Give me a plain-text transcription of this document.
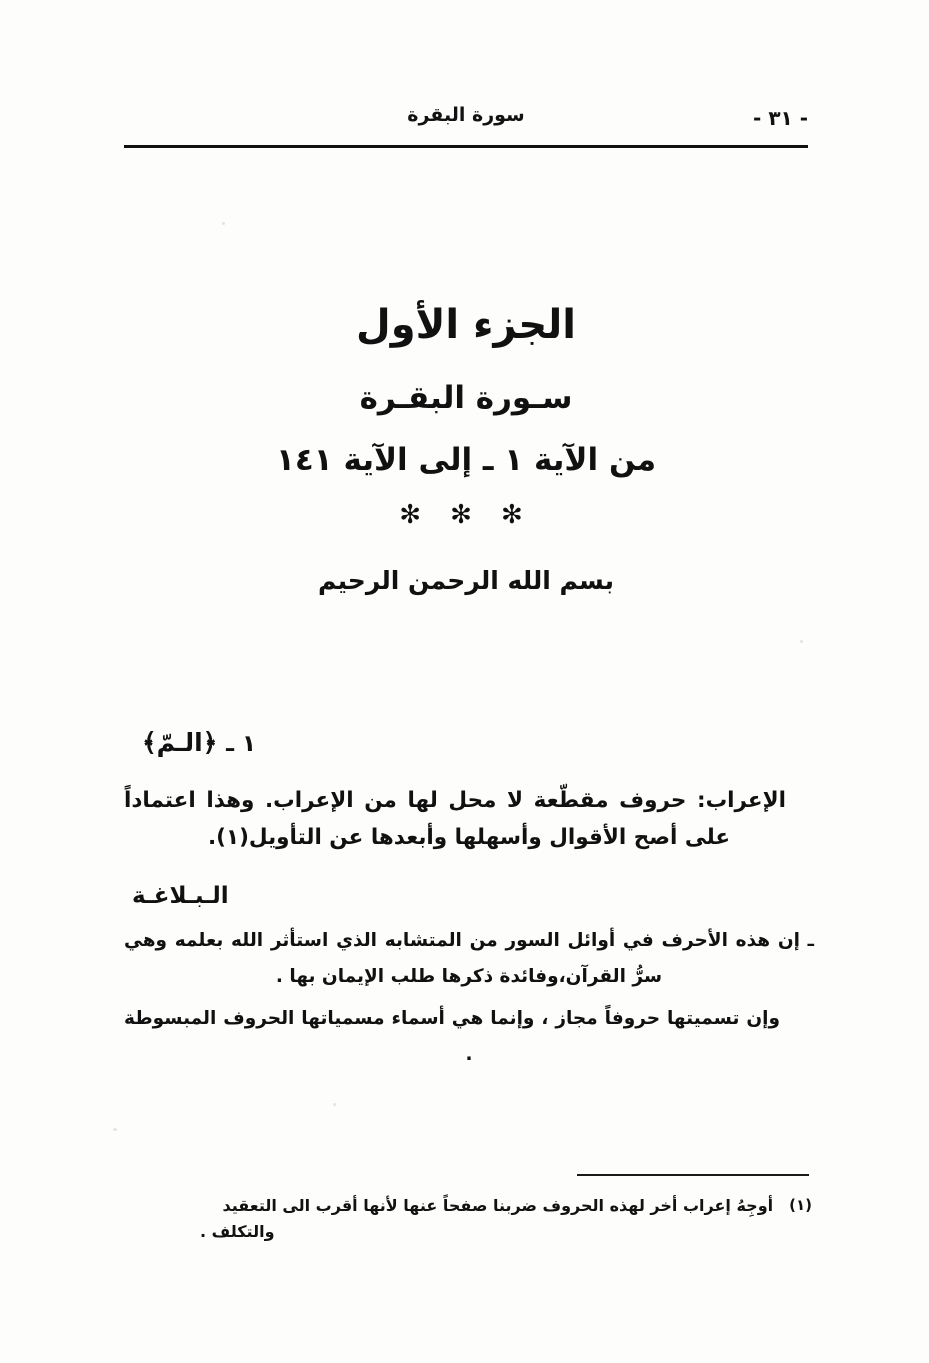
سورة البقرة	- ٣١ -
الجزء الأول
سـورة البقـرة
من الآية ١ ـ إلى الآية ١٤١
✻ ✻ ✻
بسم الله الرحمن الرحيم
١ ـ ﴿الـمّ﴾

الإعراب: حروف مقطّعة لا محل لها من الإعراب. وهذا اعتماداً على أصح الأقوال وأسهلها وأبعدها عن التأويل(١).

الـبـلاغـة

ـ إن هذه الأحرف في أوائل السور من المتشابه الذي استأثر الله بعلمه وهي سرُّ القرآن،وفائدة ذكرها طلب الإيمان بها .

وإن تسميتها حروفاً مجاز ، وإنما هي أسماء مسمياتها الحروف المبسوطة .

(١)
أوجِهُ إعراب أخر لهذه الحروف ضربنا صفحاً عنها لأنها أقرب الى التعقيد
والتكلف .
